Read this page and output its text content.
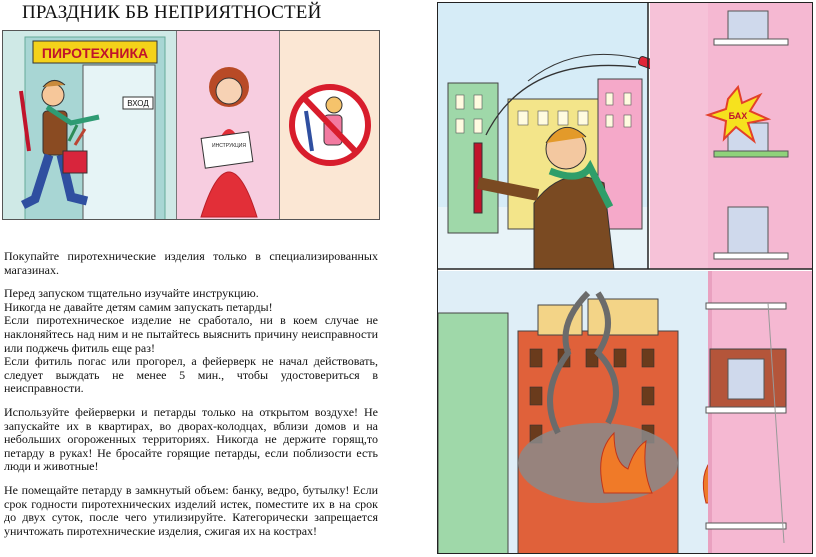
ПРАЗДНИК БВ НЕПРИЯТНОСТЕЙ
ПИРОТЕХНИКА
ВХОД
ИНСТРУКЦИЯ

Покупайте пиротехнические изделия только в специализированных магазинах.

Перед запуском тщательно изучайте инструкцию.
Никогда не давайте детям самим запускать петарды!
Если пиротехническое изделие не сработало, ни в коем случае не наклоняйтесь над ним и не пытайтесь выяснить причину неисправности или поджечь фитиль еще раз!
Если фитиль погас или прогорел, а фейерверк не начал действовать, следует выждать не менее 5 мин., чтобы удостовериться в неисправности.

Используйте фейерверки и петарды только на открытом воздухе! Не запускайте их в квартирах, во дворах-колодцах, вблизи домов и на небольших огороженных территориях. Никогда не держите горящ,то петарду в руках! Не бросайте горящие петарды, если поблизости есть люди и животные!

Не помещайте петарду в замкнутый объем: банку, ведро, бутылку! Если срок годности пиротехнических изделий истек, поместите их в на срок до двух суток, после чего утилизируйте. Категорически запрещается уничтожать пиротехнические изделия, сжигая их на кострах!

БАХ
